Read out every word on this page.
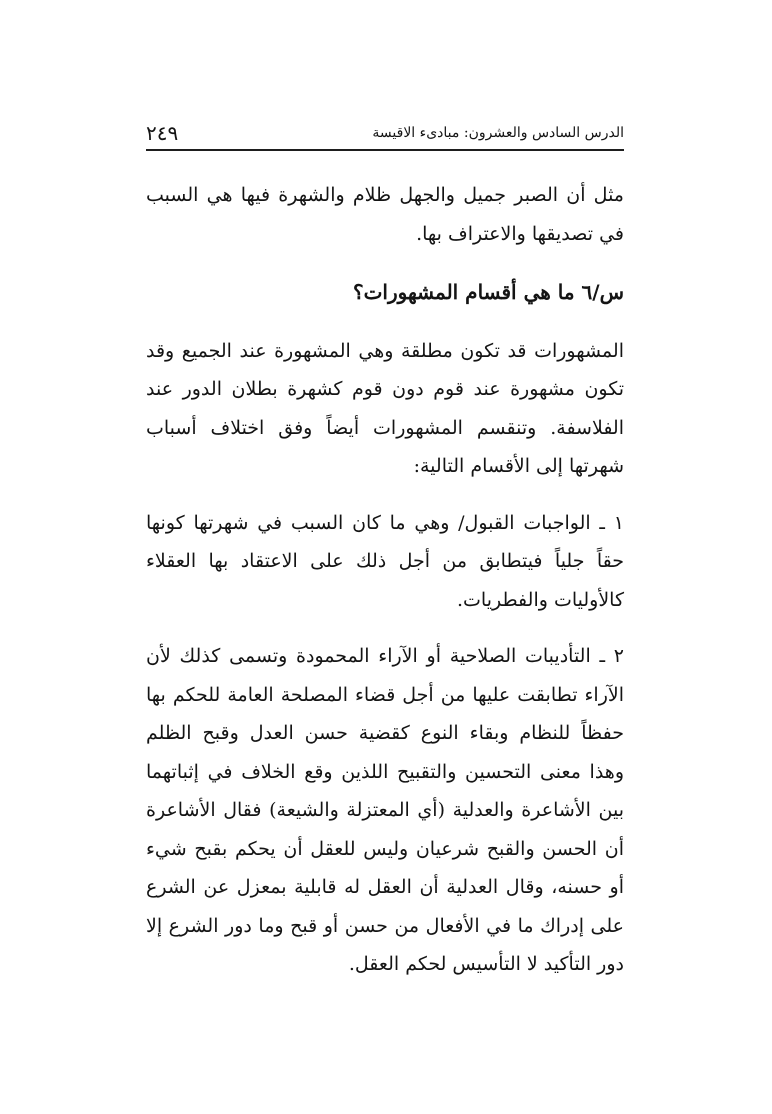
الدرس السادس والعشرون: مبادىء الاقيسة
٢٤٩

مثل أن الصبر جميل والجهل ظلام والشهرة فيها هي السبب في تصديقها والاعتراف بها.

س/٦ ما هي أقسام المشهورات؟

المشهورات قد تكون مطلقة وهي المشهورة عند الجميع وقد تكون مشهورة عند قوم دون قوم كشهرة بطلان الدور عند الفلاسفة. وتنقسم المشهورات أيضاً وفق اختلاف أسباب شهرتها إلى الأقسام التالية:

١ ـ الواجبات القبول/ وهي ما كان السبب في شهرتها كونها حقاً جلياً فيتطابق من أجل ذلك على الاعتقاد بها العقلاء كالأوليات والفطريات.

٢ ـ التأديبات الصلاحية أو الآراء المحمودة وتسمى كذلك لأن الآراء تطابقت عليها من أجل قضاء المصلحة العامة للحكم بها حفظاً للنظام وبقاء النوع كقضية حسن العدل وقبح الظلم وهذا معنى التحسين والتقبيح اللذين وقع الخلاف في إثباتهما بين الأشاعرة والعدلية (أي المعتزلة والشيعة) فقال الأشاعرة أن الحسن والقبح شرعيان وليس للعقل أن يحكم بقبح شيء أو حسنه، وقال العدلية أن العقل له قابلية بمعزل عن الشرع على إدراك ما في الأفعال من حسن أو قبح وما دور الشرع إلا دور التأكيد لا التأسيس لحكم العقل.
